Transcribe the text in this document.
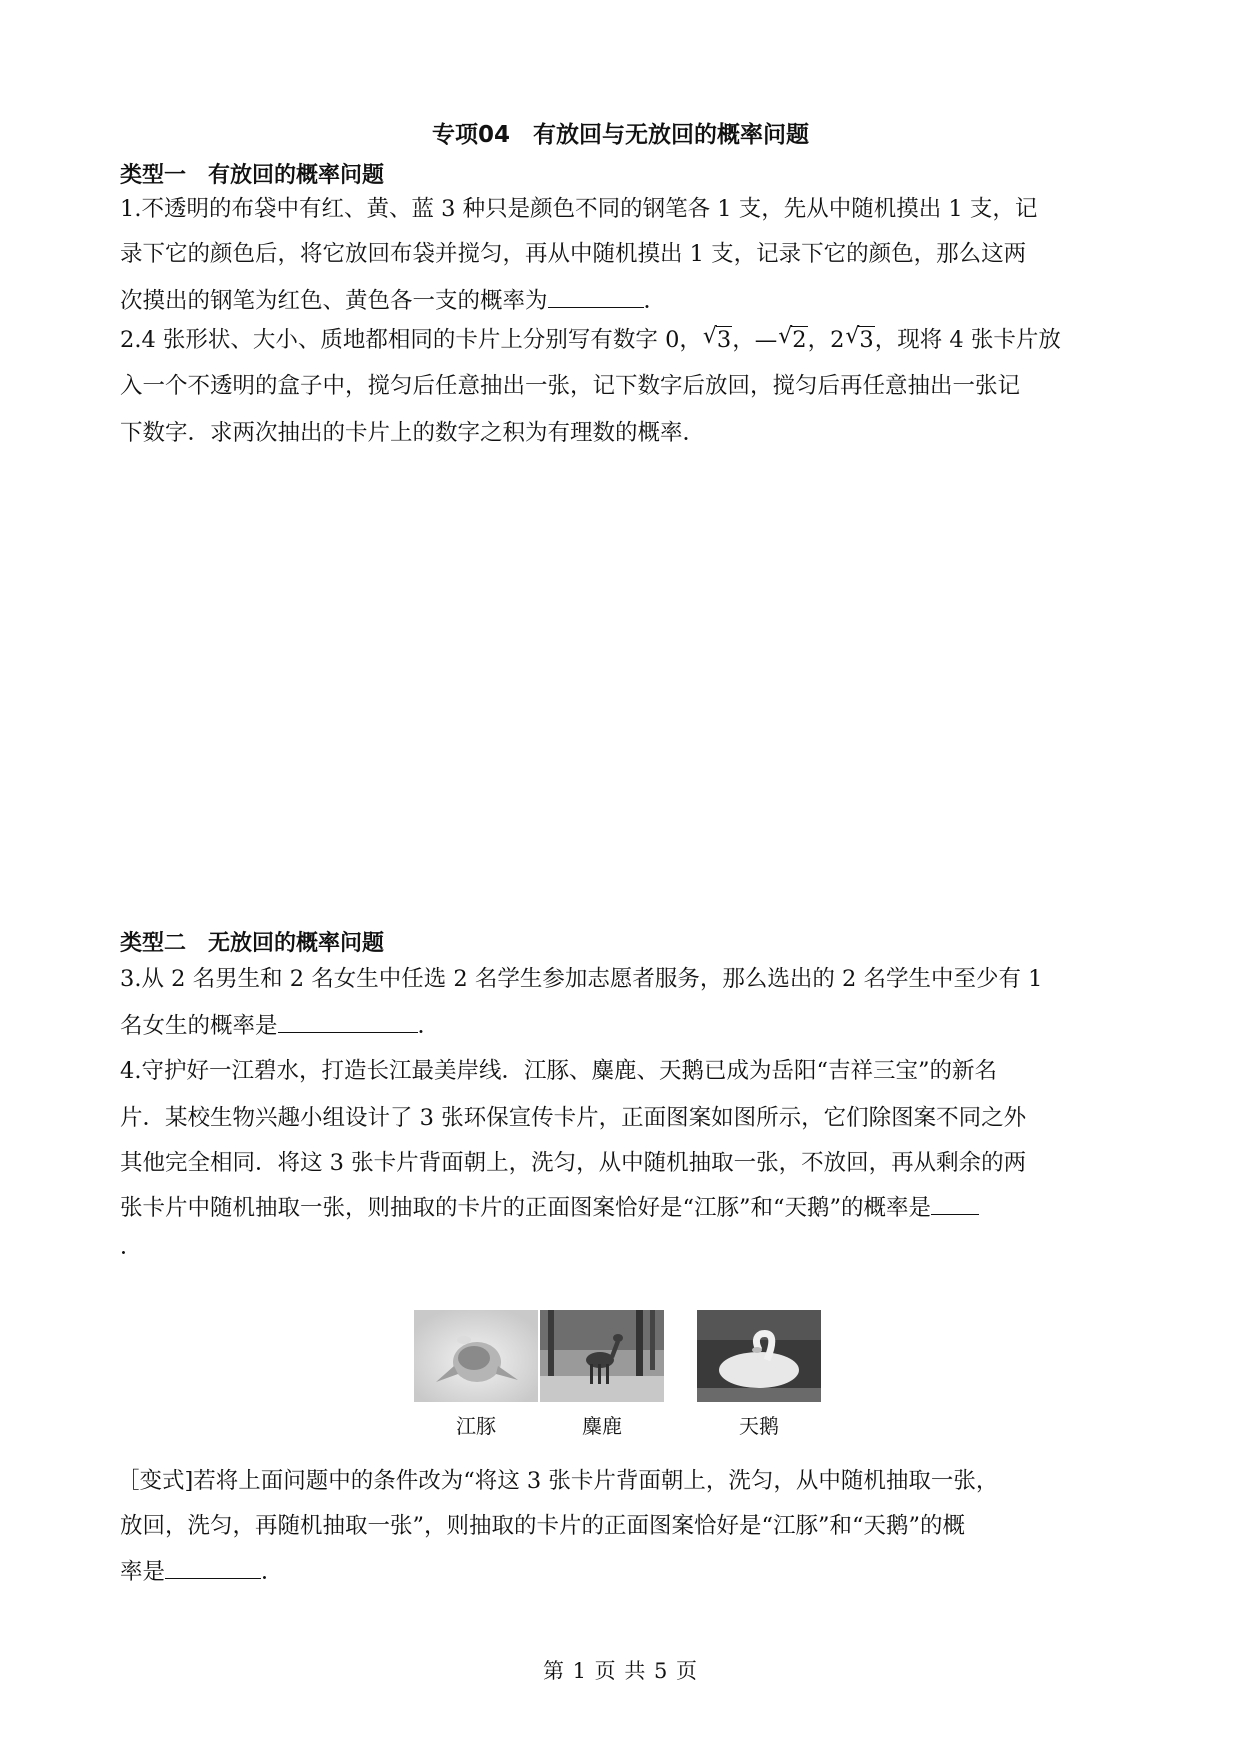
专项04　有放回与无放回的概率问题
类型一　有放回的概率问题
1.不透明的布袋中有红、黄、蓝 3 种只是颜色不同的钢笔各 1 支，先从中随机摸出 1 支，记
录下它的颜色后，将它放回布袋并搅匀，再从中随机摸出 1 支，记录下它的颜色，那么这两
次摸出的钢笔为红色、黄色各一支的概率为	．
2.4 张形状、大小、质地都相同的卡片上分别写有数字 0， √ 3，— √ 2，2 √ 3，现将 4 张卡片放
入一个不透明的盒子中，搅匀后任意抽出一张，记下数字后放回，搅匀后再任意抽出一张记
下数字．求两次抽出的卡片上的数字之积为有理数的概率．
类型二　无放回的概率问题
3.从 2 名男生和 2 名女生中任选 2 名学生参加志愿者服务，那么选出的 2 名学生中至少有 1
名女生的概率是	．
4.守护好一江碧水，打造长江最美岸线．江豚、麋鹿、天鹅已成为岳阳“吉祥三宝”的新名
片．某校生物兴趣小组设计了 3 张环保宣传卡片，正面图案如图所示，它们除图案不同之外
其他完全相同．将这 3 张卡片背面朝上，洗匀，从中随机抽取一张，不放回，再从剩余的两
张卡片中随机抽取一张，则抽取的卡片的正面图案恰好是“江豚”和“天鹅”的概率是
．
江豚	麋鹿	天鹅
［变式]若将上面问题中的条件改为“将这 3 张卡片背面朝上，洗匀，从中随机抽取一张，
放回，洗匀，再随机抽取一张”，则抽取的卡片的正面图案恰好是“江豚”和“天鹅”的概
率是	．
第 1 页 共 5 页
